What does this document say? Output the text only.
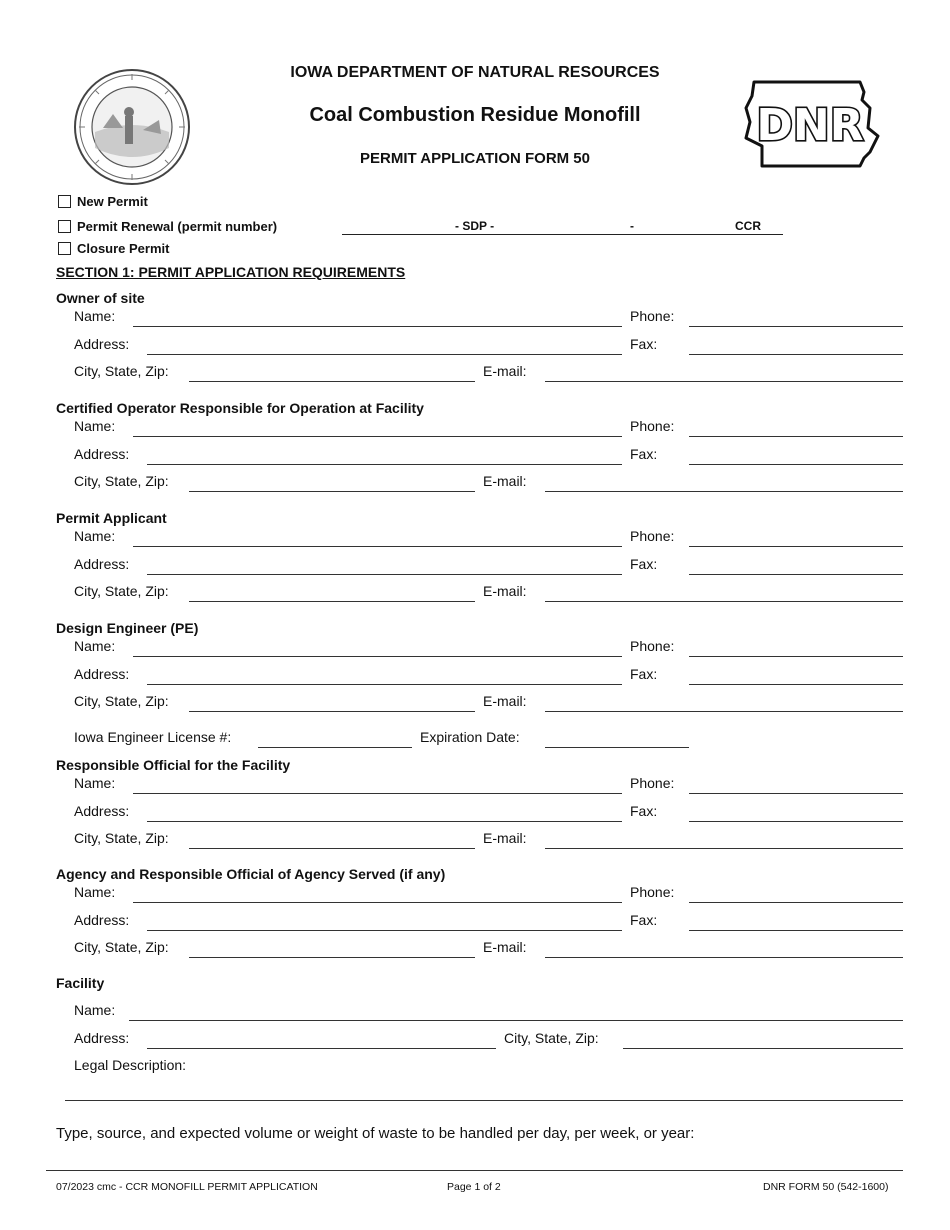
IOWA DEPARTMENT OF NATURAL RESOURCES
Coal Combustion Residue Monofill
PERMIT APPLICATION FORM 50
DNR
New Permit
Permit Renewal (permit number)
Closure Permit
- SDP -	-	CCR
SECTION 1: PERMIT APPLICATION REQUIREMENTS
Owner of site
Name:	Phone:
Address:	Fax:
City, State, Zip:	E-mail:
Certified Operator Responsible for Operation at Facility
Name:	Phone:
Address:	Fax:
City, State, Zip:	E-mail:
Permit Applicant
Name:	Phone:
Address:	Fax:
City, State, Zip:	E-mail:
Design Engineer (PE)
Name:	Phone:
Address:	Fax:
City, State, Zip:	E-mail:
Iowa Engineer License #:	Expiration Date:
Responsible Official for the Facility
Name:	Phone:
Address:	Fax:
City, State, Zip:	E-mail:
Agency and Responsible Official of Agency Served (if any)
Name:	Phone:
Address:	Fax:
City, State, Zip:	E-mail:
Facility
Name:
Address:	City, State, Zip:
Legal Description:
Type, source, and expected volume or weight of waste to be handled per day, per week, or year:
07/2023 cmc - CCR MONOFILL PERMIT APPLICATION	Page 1 of 2	DNR FORM 50 (542-1600)
